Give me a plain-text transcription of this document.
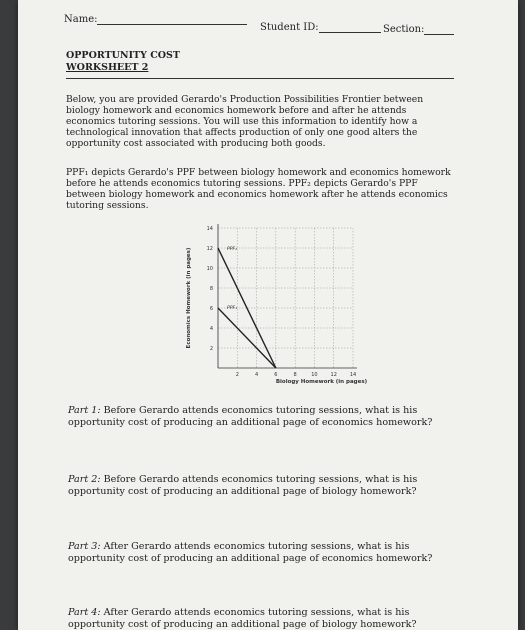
Name:
Student ID:	Section:
OPPORTUNITY COST
WORKSHEET 2

Below, you are provided Gerardo's Production Possibilities Frontier between biology homework and economics homework before and after he attends economics tutoring sessions. You will use this information to identify how a technological innovation that affects production of only one good alters the opportunity cost associated with producing both goods.

PPF₁ depicts Gerardo's PPF between biology homework and economics homework before he attends economics tutoring sessions. PPF₂ depicts Gerardo's PPF between biology homework and economics homework after he attends economics tutoring sessions.

2	4	6	8	10	12	14
2
4
6
8
10
12
14
PPF₂
PPF₁
Biology Homework (in pages)
Economics Homework (in pages)

Part 1: Before Gerardo attends economics tutoring sessions, what is his opportunity cost of producing an additional page of economics homework?

Part 2: Before Gerardo attends economics tutoring sessions, what is his opportunity cost of producing an additional page of biology homework?

Part 3: After Gerardo attends economics tutoring sessions, what is his opportunity cost of producing an additional page of economics homework?

Part 4: After Gerardo attends economics tutoring sessions, what is his opportunity cost of producing an additional page of biology homework?
